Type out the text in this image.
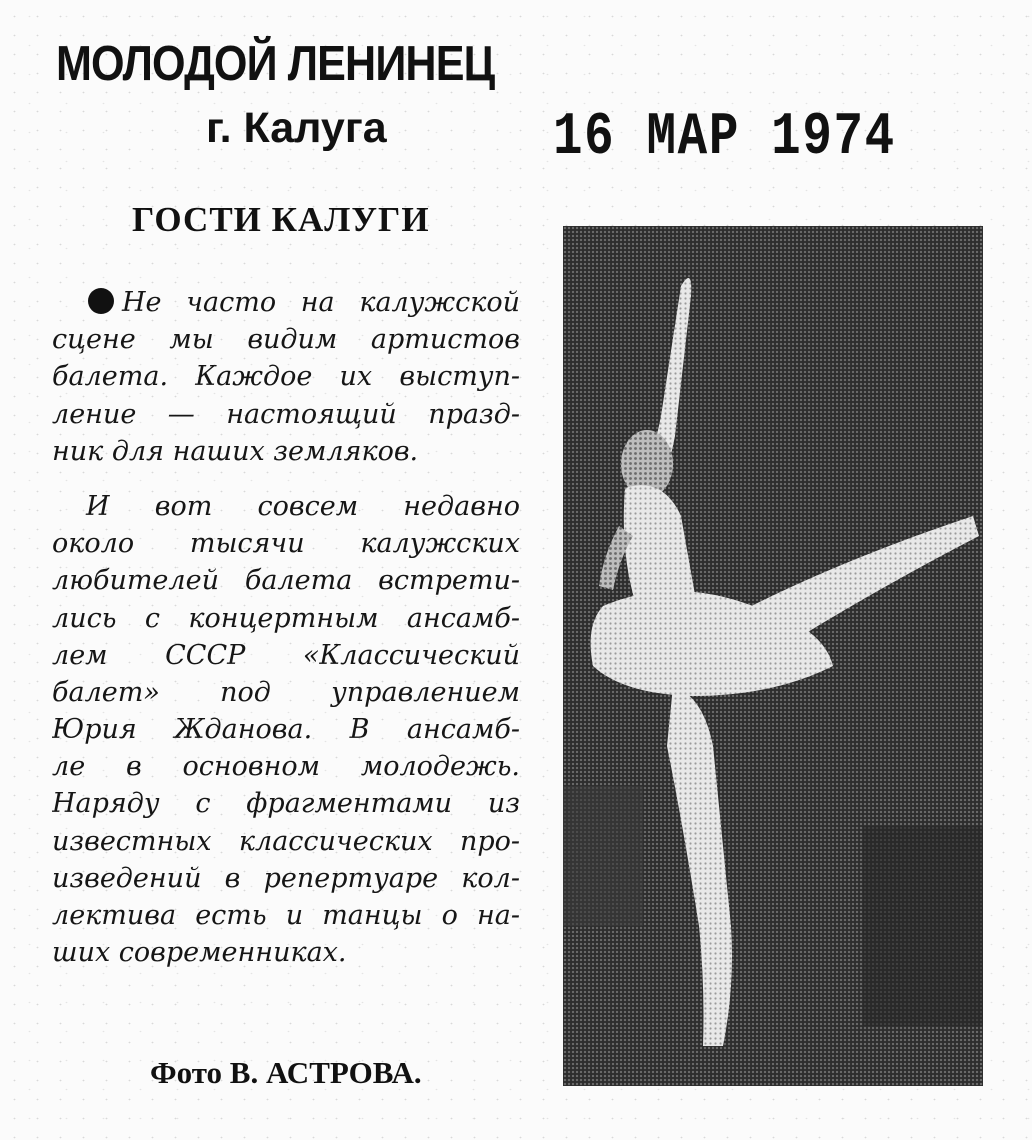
МОЛОДОЙ ЛЕНИНЕЦ
г. Калуга	16 МАР 1974
ГОСТИ КАЛУГИ
Не часто на калужской
сцене мы видим артистов
балета. Каждое их выступ-
ление — настоящий празд-
ник для наших земляков.
И вот совсем недавно
около тысячи калужских
любителей балета встрети-
лись с концертным ансамб-
лем СССР «Классический
балет» под управлением
Юрия Жданова. В ансамб-
ле в основном молодежь.
Наряду с фрагментами из
известных классических про-
изведений в репертуаре кол-
лектива есть и танцы о на-
ших современниках.
Фото В. АСТРОВА.
